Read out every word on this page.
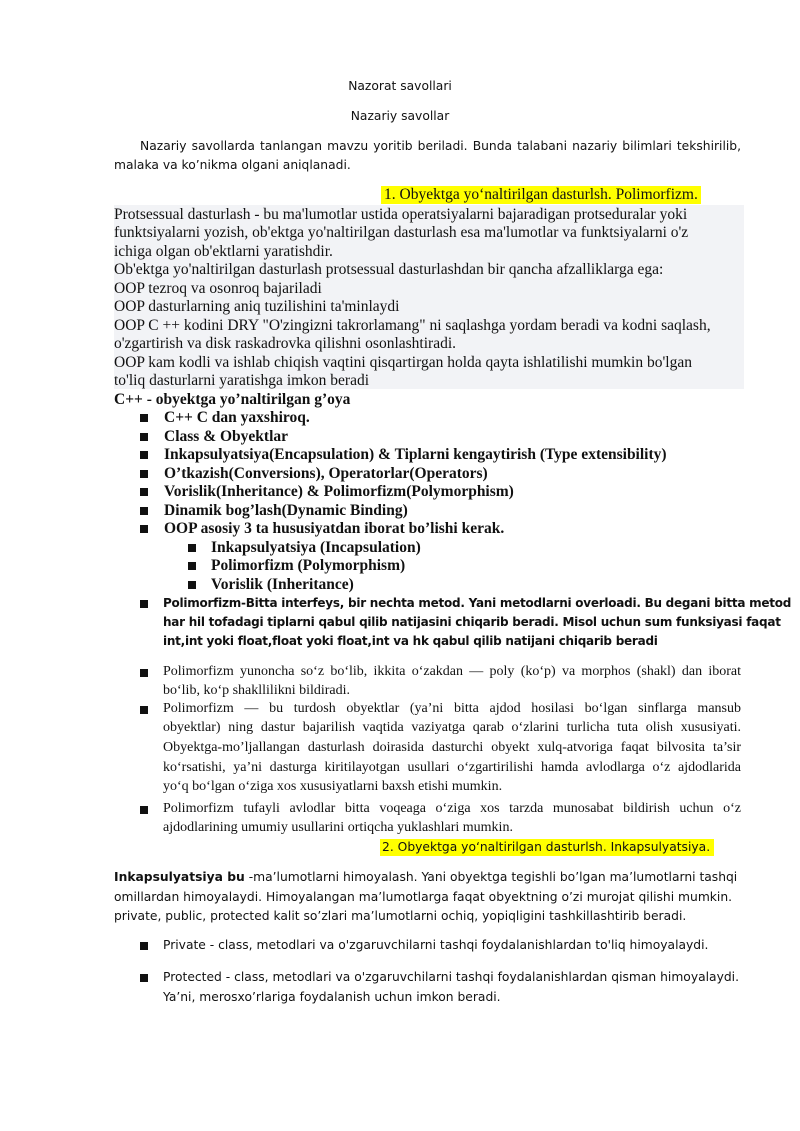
Nazorat savollari
Nazariy savollar
Nazariy savollarda tanlangan mavzu yoritib beriladi. Bunda talabani nazariy bilimlari tekshirilib,
malaka va ko’nikma olgani aniqlanadi.
1. Obyektga yo‘naltirilgan dasturlsh. Polimorfizm.
Protsessual dasturlash - bu ma'lumotlar ustida operatsiyalarni bajaradigan protseduralar yoki
funktsiyalarni yozish, ob'ektga yo'naltirilgan dasturlash esa ma'lumotlar va funktsiyalarni o'z
ichiga olgan ob'ektlarni yaratishdir.
Ob'ektga yo'naltirilgan dasturlash protsessual dasturlashdan bir qancha afzalliklarga ega:
OOP tezroq va osonroq bajariladi
OOP dasturlarning aniq tuzilishini ta'minlaydi
OOP C ++ kodini DRY "O'zingizni takrorlamang" ni saqlashga yordam beradi va kodni saqlash,
o'zgartirish va disk raskadrovka qilishni osonlashtiradi.
OOP kam kodli va ishlab chiqish vaqtini qisqartirgan holda qayta ishlatilishi mumkin bo'lgan
to'liq dasturlarni yaratishga imkon beradi
C++ - obyektga yo’naltirilgan g’oya
C++ C dan yaxshiroq.
Class & Obyektlar
Inkapsulyatsiya(Encapsulation) & Tiplarni kengaytirish (Type extensibility)
O’tkazish(Conversions), Operatorlar(Operators)
Vorislik(Inheritance) & Polimorfizm(Polymorphism)
Dinamik bog’lash(Dynamic Binding)
OOP asosiy 3 ta hususiyatdan iborat bo’lishi kerak.
Inkapsulyatsiya (Incapsulation)
Polimorfizm (Polymorphism)
Vorislik (Inheritance)
Polimorfizm-Bitta interfeys, bir nechta metod. Yani metodlarni overloadi. Bu degani bitta metod
har hil tofadagi tiplarni qabul qilib natijasini chiqarib beradi. Misol uchun sum funksiyasi faqat
int,int yoki float,float yoki float,int va hk qabul qilib natijani chiqarib beradi
Polimorfizm yunoncha so‘z bo‘lib, ikkita o‘zakdan — poly (ko‘p) va morphos (shakl) dan iborat
bo‘lib, ko‘p shakllilikni bildiradi.
Polimorfizm — bu turdosh obyektlar (ya’ni bitta ajdod hosilasi bo‘lgan sinflarga mansub
obyektlar) ning dastur bajarilish vaqtida vaziyatga qarab o‘zlarini turlicha tuta olish xususiyati.
Obyektga-mo’ljallangan dasturlash doirasida dasturchi obyekt xulq-atvoriga faqat bilvosita ta’sir
ko‘rsatishi, ya’ni dasturga kiritilayotgan usullari o‘zgartirilishi hamda avlodlarga o‘z ajdodlarida
yo‘q bo‘lgan o‘ziga xos xususiyatlarni baxsh etishi mumkin.
Polimorfizm tufayli avlodlar bitta voqeaga o‘ziga xos tarzda munosabat bildirish uchun o‘z
ajdodlarining umumiy usullarini ortiqcha yuklashlari mumkin.
2. Obyektga yo‘naltirilgan dasturlsh. Inkapsulyatsiya.
Inkapsulyatsiya bu -ma’lumotlarni himoyalash. Yani obyektga tegishli bo’lgan ma’lumotlarni tashqi
omillardan himoyalaydi. Himoyalangan ma’lumotlarga faqat obyektning o’zi murojat qilishi mumkin.
private, public, protected kalit so’zlari ma’lumotlarni ochiq, yopiqligini tashkillashtirib beradi.
Private - class, metodlari va o'zgaruvchilarni tashqi foydalanishlardan to'liq himoyalaydi.
Protected - class, metodlari va o'zgaruvchilarni tashqi foydalanishlardan qisman himoyalaydi.
Ya’ni, merosxo’rlariga foydalanish uchun imkon beradi.
